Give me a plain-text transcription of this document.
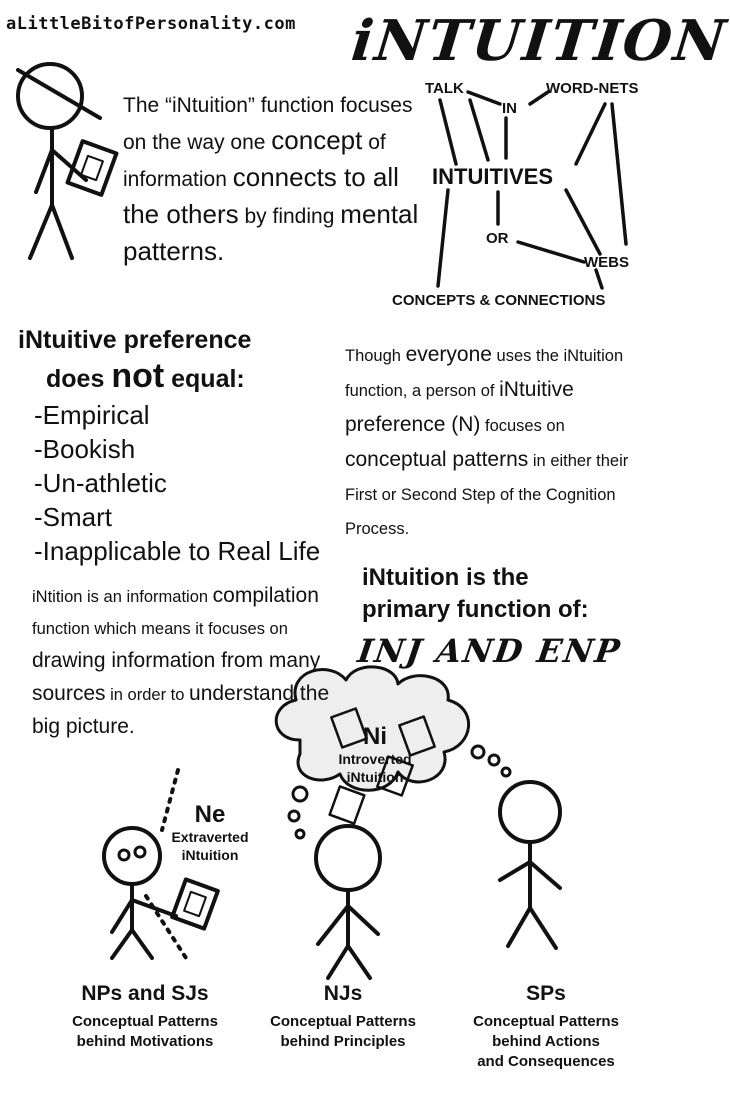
aLittleBitofPersonality.com iNTUITION
The “iNtuition” function focuses on the way one concept of information connects to all the others by finding mental patterns.
TALK
IN
WORD-NETS
INTUITIVES
OR
WEBS
CONCEPTS & CONNECTIONS
iNtuitive preference
does not equal:
-Empirical
-Bookish
-Un-athletic
-Smart
-Inapplicable to Real Life
Though everyone uses the iNtuition function, a person of iNtuitive preference (N) focuses on conceptual patterns in either their First or Second Step of the Cognition Process.
iNtuition is the
primary function of:
INJ AND ENP
iNtition is an information compilation function which means it focuses on drawing information from many sources in order to understand the big picture.
Ne
Extraverted
iNtuition
Ni
Introverted
iNtuition
NPs and SJs
Conceptual Patterns
behind Motivations
NJs
Conceptual Patterns
behind Principles
SPs
Conceptual Patterns
behind Actions
and Consequences
